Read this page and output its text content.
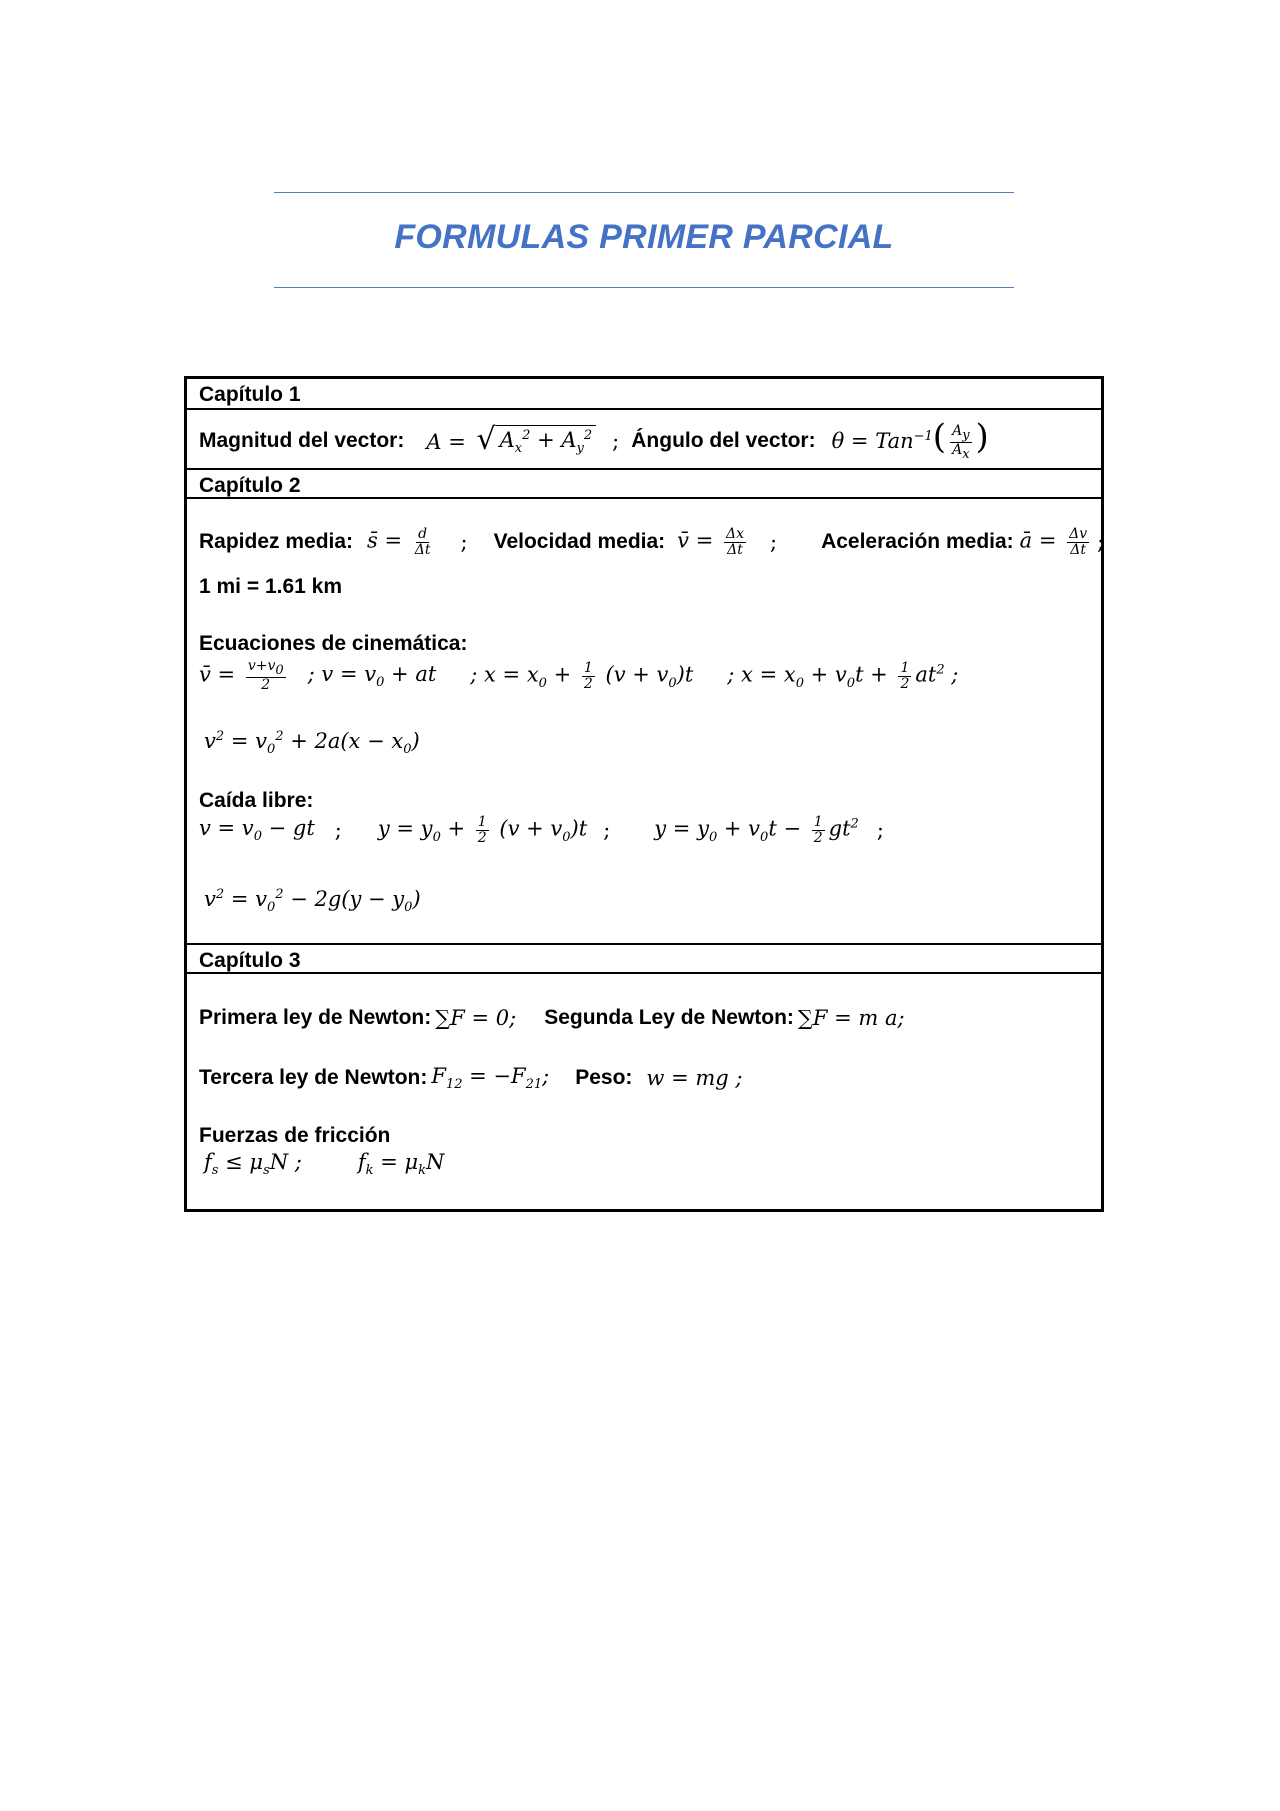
FORMULAS PRIMER PARCIAL
Capítulo 1
Magnitud del vector: A = √ $A_x^2 + A_y^2$ ; Ángulo del vector: $\theta = Tan^{-1}( \frac{A_y}{A_x}$ )
Capítulo 2
Rapidez media: s̄ = $\frac{d}{\Delta t}$ ; Velocidad media: v̄ = $\frac{\Delta x}{\Delta t}$ ; Aceleración media: ā = $\frac{\Delta v}{\Delta t}$ ;
1 mi = 1.61 km
Ecuaciones de cinemática:
v̄ = $\frac{v+v_0}{2}$ ; $v = v_0$ + at ; $x = x_0 + \frac{1}{2} (v + v_0)t$ ; $x = x_0 + v_0t + \frac{1}{2} at^2$ ;
$v^2 = v_0^2 + 2a(x - x_0)$
Caída libre:
$v = v_0$ − gt ; $y = y_0 + \frac{1}{2} (v + v_0)t$ ; $y = y_0 + v_0t - \frac{1}{2} gt^2$ ;
$v^2 = v_0^2 - 2g(y - y_0)$
Capítulo 3
Primera ley de Newton: ∑F = 0; Segunda Ley de Newton: ∑F = m a;
Tercera ley de Newton: $F_{12} = -F_{21}$; Peso: w = mg ;
Fuerzas de fricción
$f_s \le \mu_sN$ ;	$f_k = \mu_kN$
